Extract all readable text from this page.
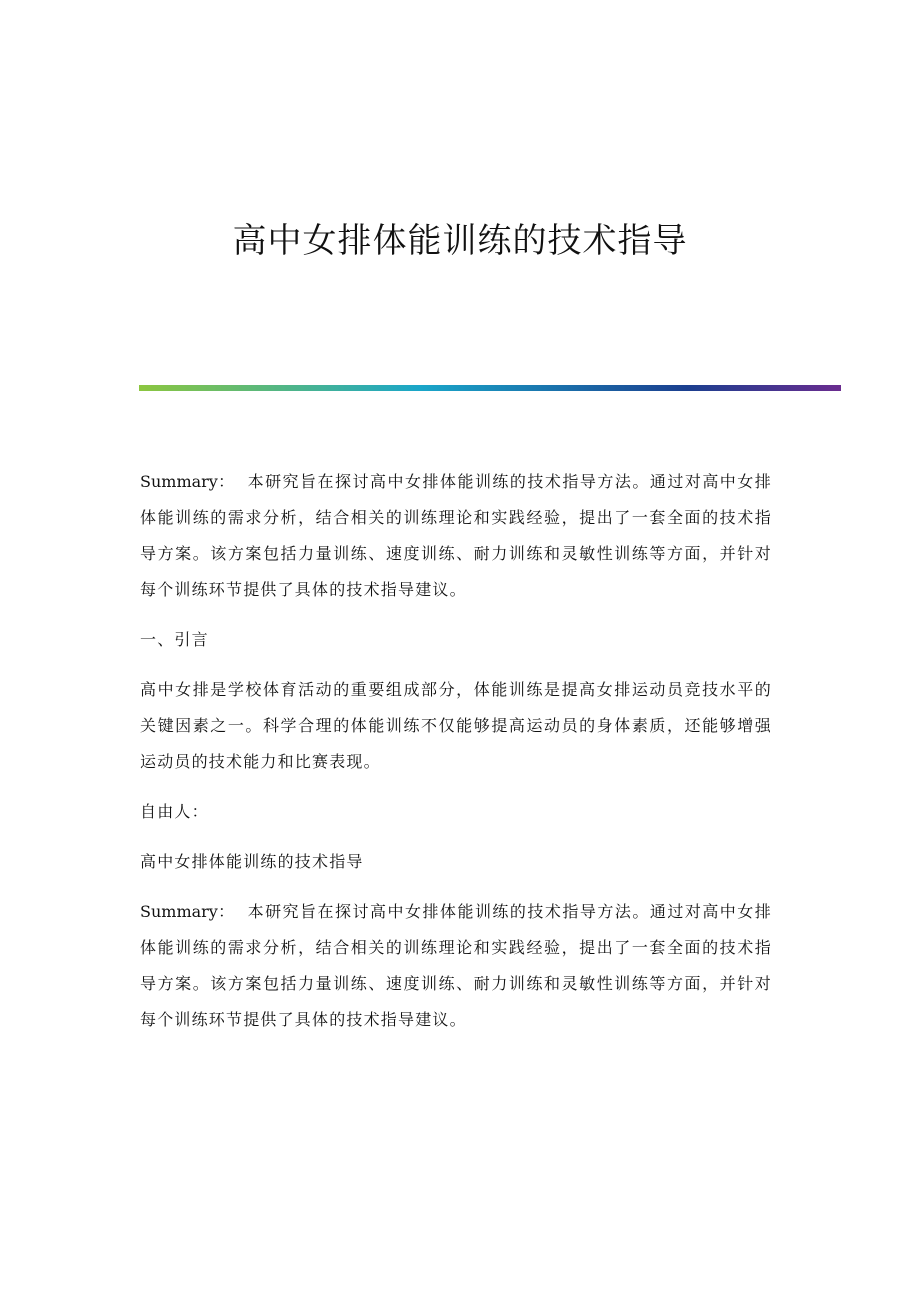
高中女排体能训练的技术指导

Summary： 本研究旨在探讨高中女排体能训练的技术指导方法。通过对高中女排体能训练的需求分析，结合相关的训练理论和实践经验，提出了一套全面的技术指导方案。该方案包括力量训练、速度训练、耐力训练和灵敏性训练等方面，并针对每个训练环节提供了具体的技术指导建议。

一、引言

高中女排是学校体育活动的重要组成部分，体能训练是提高女排运动员竞技水平的关键因素之一。科学合理的体能训练不仅能够提高运动员的身体素质，还能够增强运动员的技术能力和比赛表现。

自由人：

高中女排体能训练的技术指导

Summary： 本研究旨在探讨高中女排体能训练的技术指导方法。通过对高中女排体能训练的需求分析，结合相关的训练理论和实践经验，提出了一套全面的技术指导方案。该方案包括力量训练、速度训练、耐力训练和灵敏性训练等方面，并针对每个训练环节提供了具体的技术指导建议。
